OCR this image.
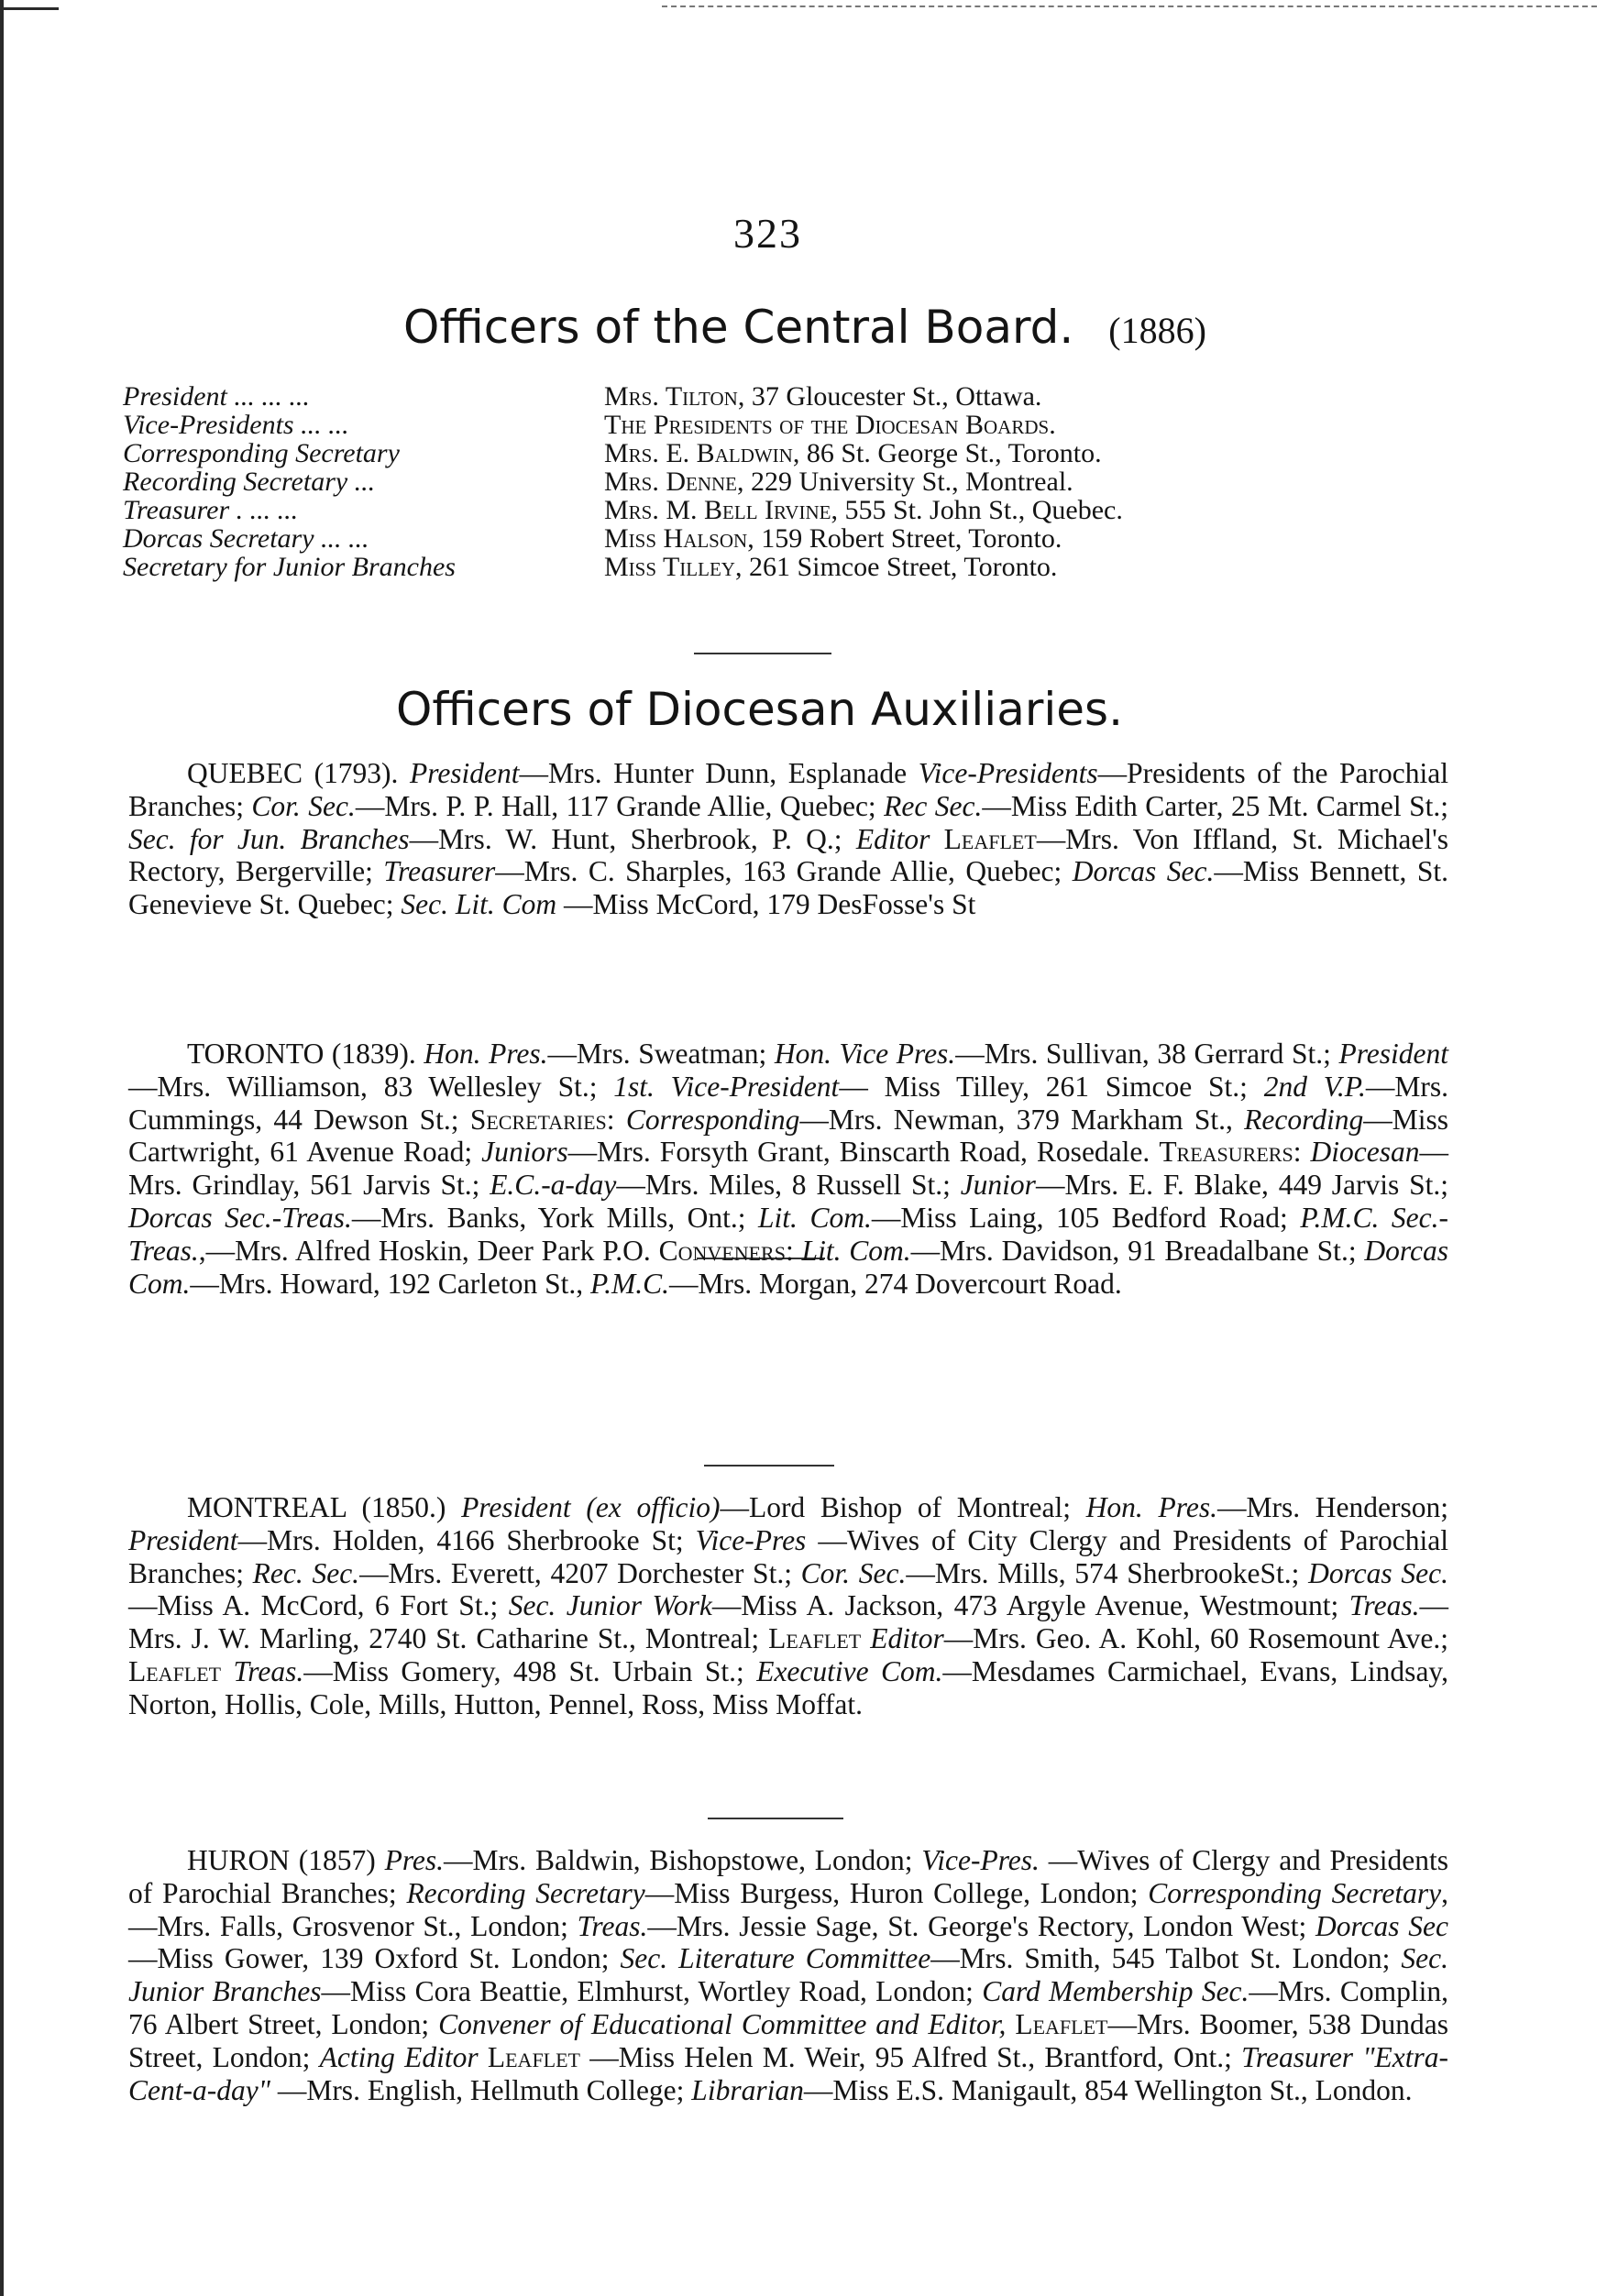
323
Officers of the Central Board. (1886)
President ... ... ...	Mrs. Tilton, 37 Gloucester St., Ottawa.
Vice-Presidents ... ...	The Presidents of the Diocesan Boards.
Corresponding Secretary	Mrs. E. Baldwin, 86 St. George St., Toronto.
Recording Secretary ...	Mrs. Denne, 229 University St., Montreal.
Treasurer . ... ...	Mrs. M. Bell Irvine, 555 St. John St., Quebec.
Dorcas Secretary ... ...	Miss Halson, 159 Robert Street, Toronto.
Secretary for Junior Branches	Miss Tilley, 261 Simcoe Street, Toronto.
Officers of Diocesan Auxiliaries.
QUEBEC (1793). President—Mrs. Hunter Dunn, Esplanade Vice-Presidents—Presidents of the Parochial Branches; Cor. Sec.—Mrs. P. P. Hall, 117 Grande Allie, Quebec; Rec Sec.—Miss Edith Carter, 25 Mt. Carmel St.; Sec. for Jun. Branches—Mrs. W. Hunt, Sherbrook, P. Q.; Editor Leaflet—Mrs. Von Iffland, St. Michael's Rectory, Bergerville; Treasurer—Mrs. C. Sharples, 163 Grande Allie, Quebec; Dorcas Sec.—Miss Bennett, St. Genevieve St. Quebec; Sec. Lit. Com —Miss McCord, 179 DesFosse's St
TORONTO (1839). Hon. Pres.—Mrs. Sweatman; Hon. Vice Pres.—Mrs. Sullivan, 38 Gerrard St.; President—Mrs. Williamson, 83 Wellesley St.; 1st. Vice-President— Miss Tilley, 261 Simcoe St.; 2nd V.P.—Mrs. Cummings, 44 Dewson St.; Secretaries: Corresponding—Mrs. Newman, 379 Markham St., Recording—Miss Cartwright, 61 Avenue Road; Juniors—Mrs. Forsyth Grant, Binscarth Road, Rosedale. Treasurers: Diocesan—Mrs. Grindlay, 561 Jarvis St.; E.C.-a-day—Mrs. Miles, 8 Russell St.; Junior—Mrs. E. F. Blake, 449 Jarvis St.; Dorcas Sec.-Treas.—Mrs. Banks, York Mills, Ont.; Lit. Com.—Miss Laing, 105 Bedford Road; P.M.C. Sec.-Treas.,—Mrs. Alfred Hoskin, Deer Park P.O. Conveners: Lit. Com.—Mrs. Davidson, 91 Breadalbane St.; Dorcas Com.—Mrs. Howard, 192 Carleton St., P.M.C.—Mrs. Morgan, 274 Dovercourt Road.
MONTREAL (1850.) President (ex officio)—Lord Bishop of Montreal; Hon. Pres.—Mrs. Henderson; President—Mrs. Holden, 4166 Sherbrooke St; Vice-Pres —Wives of City Clergy and Presidents of Parochial Branches; Rec. Sec.—Mrs. Everett, 4207 Dorchester St.; Cor. Sec.—Mrs. Mills, 574 SherbrookeSt.; Dorcas Sec.—Miss A. McCord, 6 Fort St.; Sec. Junior Work—Miss A. Jackson, 473 Argyle Avenue, Westmount; Treas.—Mrs. J. W. Marling, 2740 St. Catharine St., Montreal; Leaflet Editor—Mrs. Geo. A. Kohl, 60 Rosemount Ave.; Leaflet Treas.—Miss Gomery, 498 St. Urbain St.; Executive Com.—Mesdames Carmichael, Evans, Lindsay, Norton, Hollis, Cole, Mills, Hutton, Pennel, Ross, Miss Moffat.
HURON (1857) Pres.—Mrs. Baldwin, Bishopstowe, London; Vice-Pres. —Wives of Clergy and Presidents of Parochial Branches; Recording Secretary—Miss Burgess, Huron College, London; Corresponding Secretary,—Mrs. Falls, Grosvenor St., London; Treas.—Mrs. Jessie Sage, St. George's Rectory, London West; Dorcas Sec—Miss Gower, 139 Oxford St. London; Sec. Literature Committee—Mrs. Smith, 545 Talbot St. London; Sec. Junior Branches—Miss Cora Beattie, Elmhurst, Wortley Road, London; Card Membership Sec.—Mrs. Complin, 76 Albert Street, London; Convener of Educational Committee and Editor, Leaflet—Mrs. Boomer, 538 Dundas Street, London; Acting Editor Leaflet —Miss Helen M. Weir, 95 Alfred St., Brantford, Ont.; Treasurer "Extra-Cent-a-day" —Mrs. English, Hellmuth College; Librarian—Miss E.S. Manigault, 854 Wellington St., London.
